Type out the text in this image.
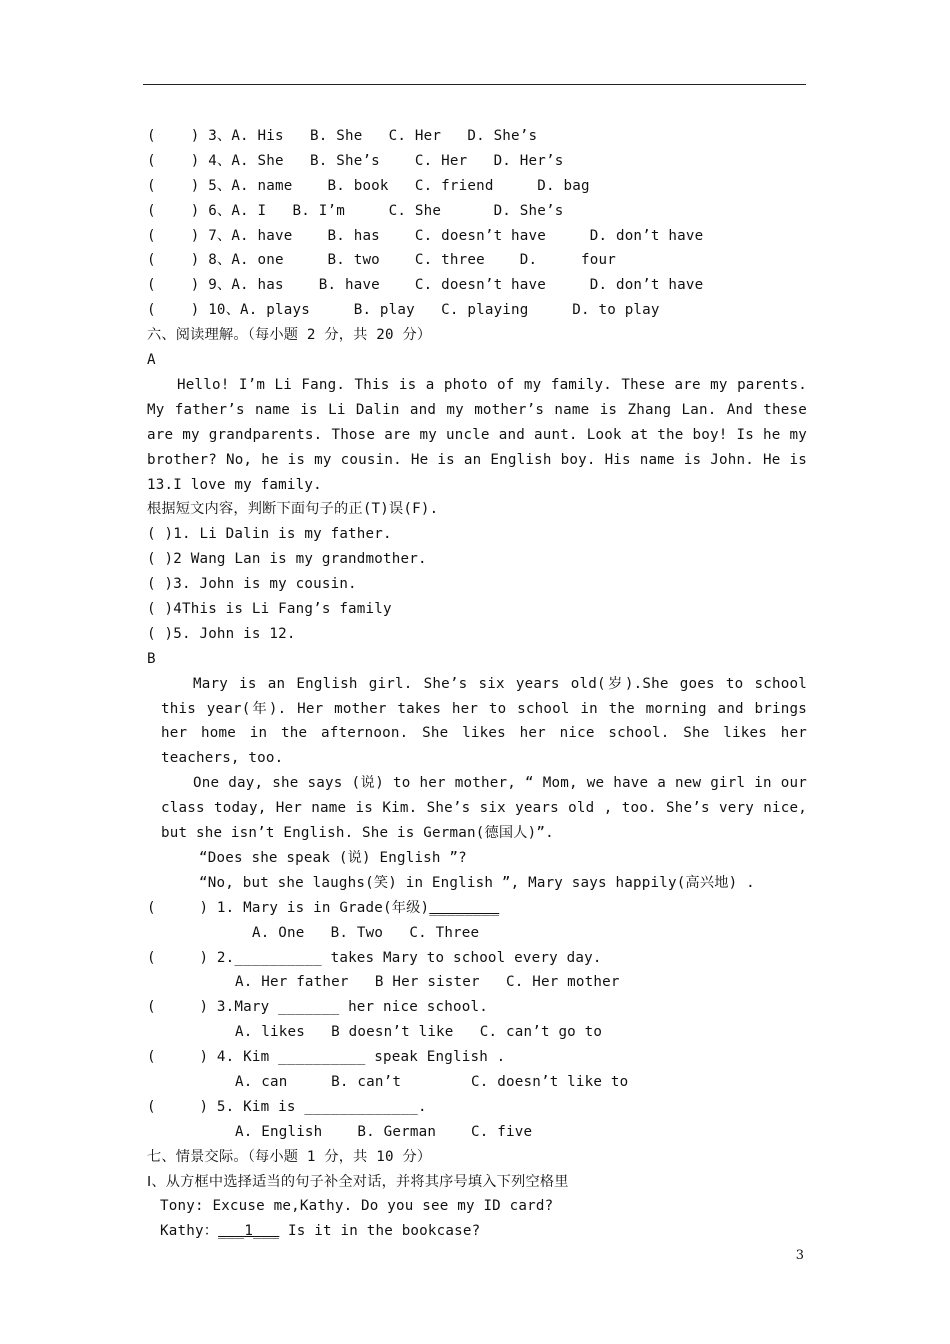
(    ) 3、A. His   B. She   C. Her   D. She’s
(    ) 4、A. She   B. She’s    C. Her   D. Her’s
(    ) 5、A. name    B. book   C. friend     D. bag
(    ) 6、A. I   B. I’m     C. She      D. She’s
(    ) 7、A. have    B. has    C. doesn’t have     D. don’t have
(    ) 8、A. one     B. two    C. three    D.     four
(    ) 9、A. has    B. have    C. doesn’t have     D. don’t have
(    ) 10、A. plays     B. play   C. playing     D. to play
六、阅读理解。（每小题 2 分，共 20 分）
A
Hello! I’m Li Fang. This is a photo of my family. These are my parents. My father’s name is Li Dalin and my mother’s name is Zhang Lan. And these are my grandparents. Those are my uncle and aunt. Look at the boy! Is he my brother? No, he is my cousin. He is an English boy. His name is John. He is 13.I love my family.
根据短文内容，判断下面句子的正(T)误(F).
( )1. Li Dalin is my father.
( )2 Wang Lan is my grandmother.
( )3. John is my cousin.
( )4This is Li Fang’s family
( )5. John is 12.
B
Mary is an English girl. She’s six years old(岁).She goes to school this year(年). Her mother takes her to school in the morning and brings her home in the afternoon. She likes her nice school. She likes her teachers, too.
One day, she says (说) to her mother, “ Mom, we have a new girl in our class today, Her name is Kim. She’s six years old , too. She’s very nice, but she isn’t English. She is German(德国人)”.
“Does she speak (说) English ”?
“No, but she laughs(笑) in English ”, Mary says happily(高兴地) .
(     ) 1. Mary is in Grade(年级)________
A. One   B. Two   C. Three
(     ) 2.__________ takes Mary to school every day.
A. Her father   B Her sister   C. Her mother
(     ) 3.Mary _______ her nice school.
A. likes   B doesn’t like   C. can’t go to
(     ) 4. Kim __________ speak English .
A. can     B. can’t        C. doesn’t like to
(     ) 5. Kim is _____________.
A. English    B. German    C. five
七、情景交际。（每小题 1 分，共 10 分）
Ⅰ、从方框中选择适当的句子补全对话，并将其序号填入下列空格里
Tony: Excuse me,Kathy. Do you see my ID card?
Kathy：___1___ Is it in the bookcase?
3
